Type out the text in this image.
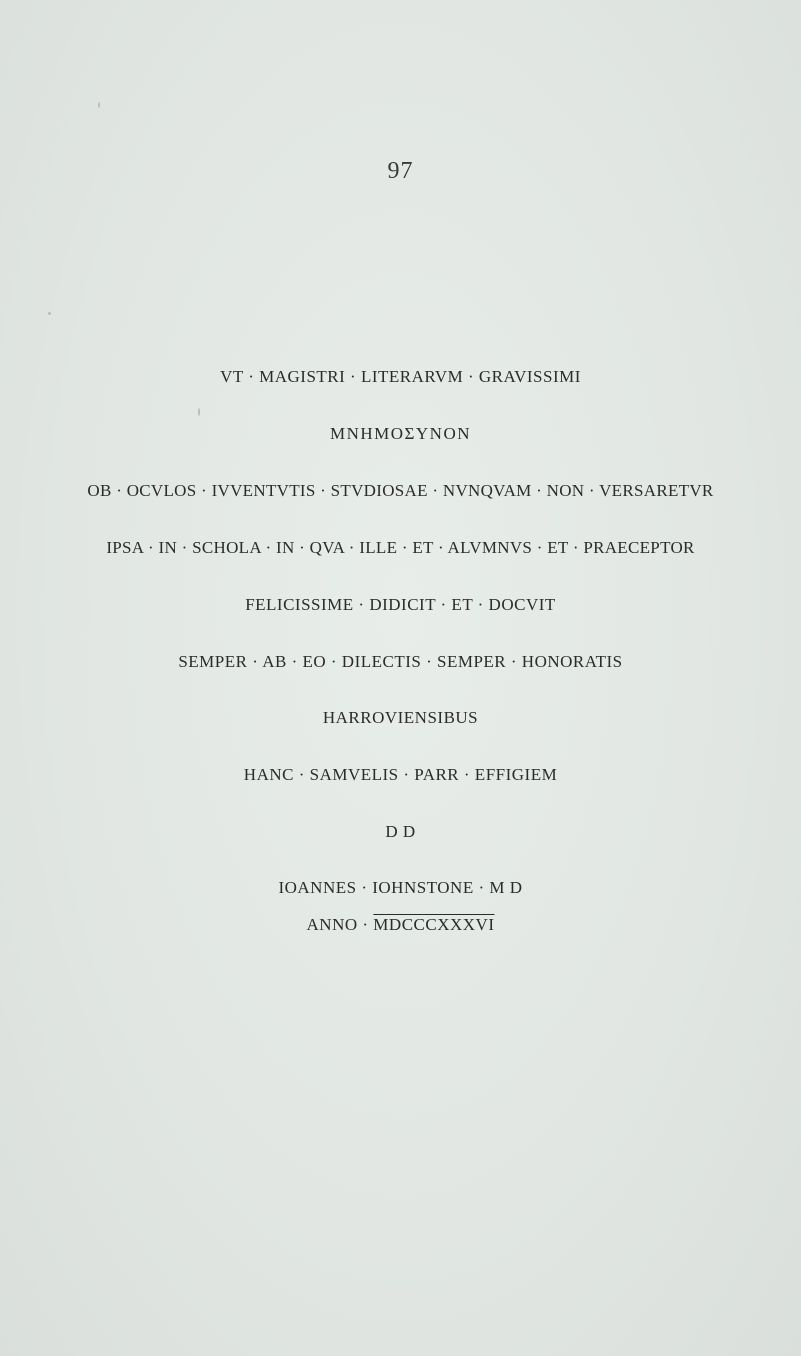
97
VT · MAGISTRI · LITERARVM · GRAVISSIMI
MNHMOΣYNON
OB · OCVLOS · IVVENTVTIS · STVDIOSAE · NVNQVAM · NON · VERSARETVR
IPSA · IN · SCHOLA · IN · QVA · ILLE · ET · ALVMNVS · ET · PRAECEPTOR
FELICISSIME · DIDICIT · ET · DOCVIT
SEMPER · AB · EO · DILECTIS · SEMPER · HONORATIS
HARROVIENSIBUS
HANC · SAMVELIS · PARR · EFFIGIEM
D D
IOANNES · IOHNSTONE · M D
ANNO · MDCCCXXXVI
